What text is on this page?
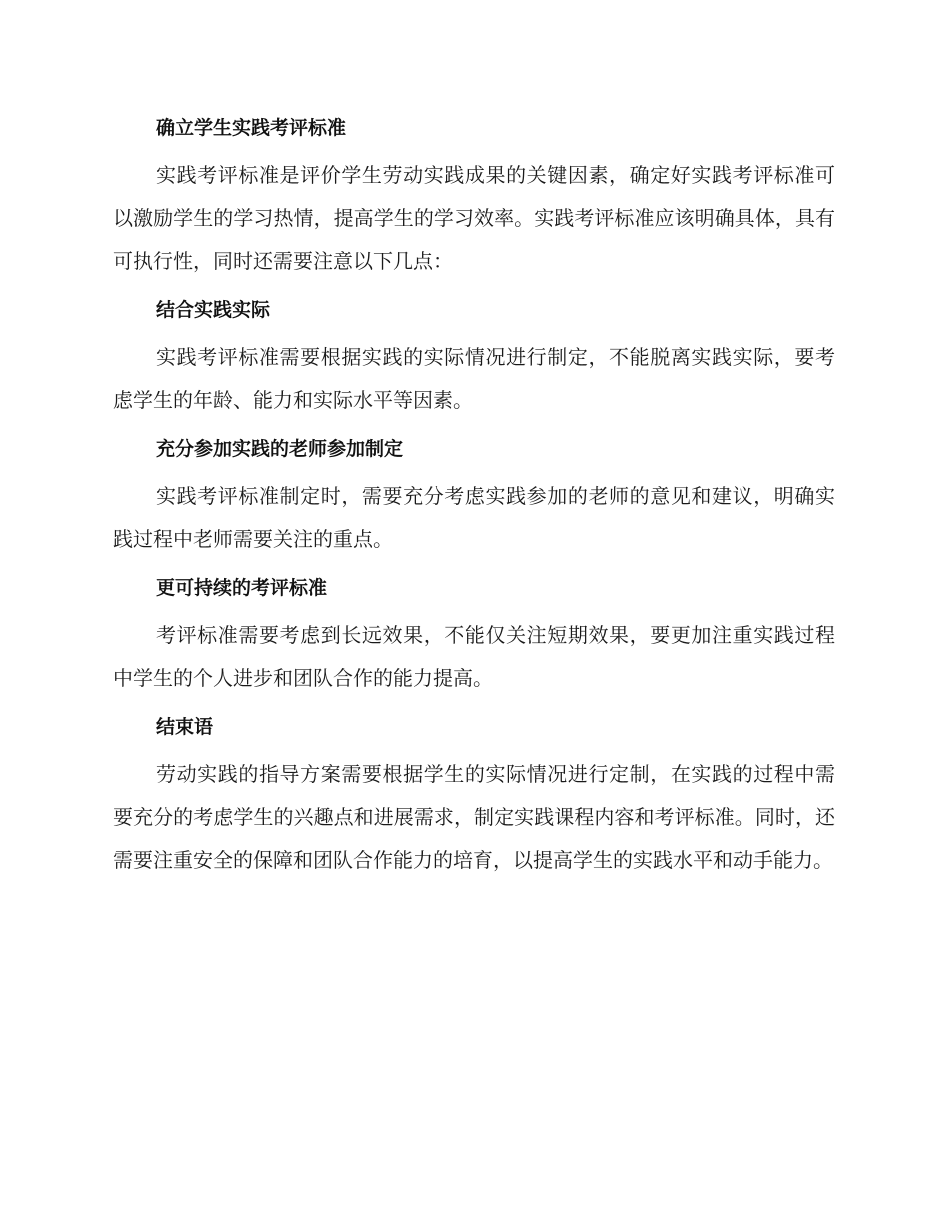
确立学生实践考评标准

实践考评标准是评价学生劳动实践成果的关键因素，确定好实践考评标准可以激励学生的学习热情，提高学生的学习效率。实践考评标准应该明确具体，具有可执行性，同时还需要注意以下几点：

结合实践实际

实践考评标准需要根据实践的实际情况进行制定，不能脱离实践实际，要考虑学生的年龄、能力和实际水平等因素。

充分参加实践的老师参加制定

实践考评标准制定时，需要充分考虑实践参加的老师的意见和建议，明确实践过程中老师需要关注的重点。

更可持续的考评标准

考评标准需要考虑到长远效果，不能仅关注短期效果，要更加注重实践过程中学生的个人进步和团队合作的能力提高。

结束语

劳动实践的指导方案需要根据学生的实际情况进行定制，在实践的过程中需要充分的考虑学生的兴趣点和进展需求，制定实践课程内容和考评标准。同时，还需要注重安全的保障和团队合作能力的培育，以提高学生的实践水平和动手能力。
